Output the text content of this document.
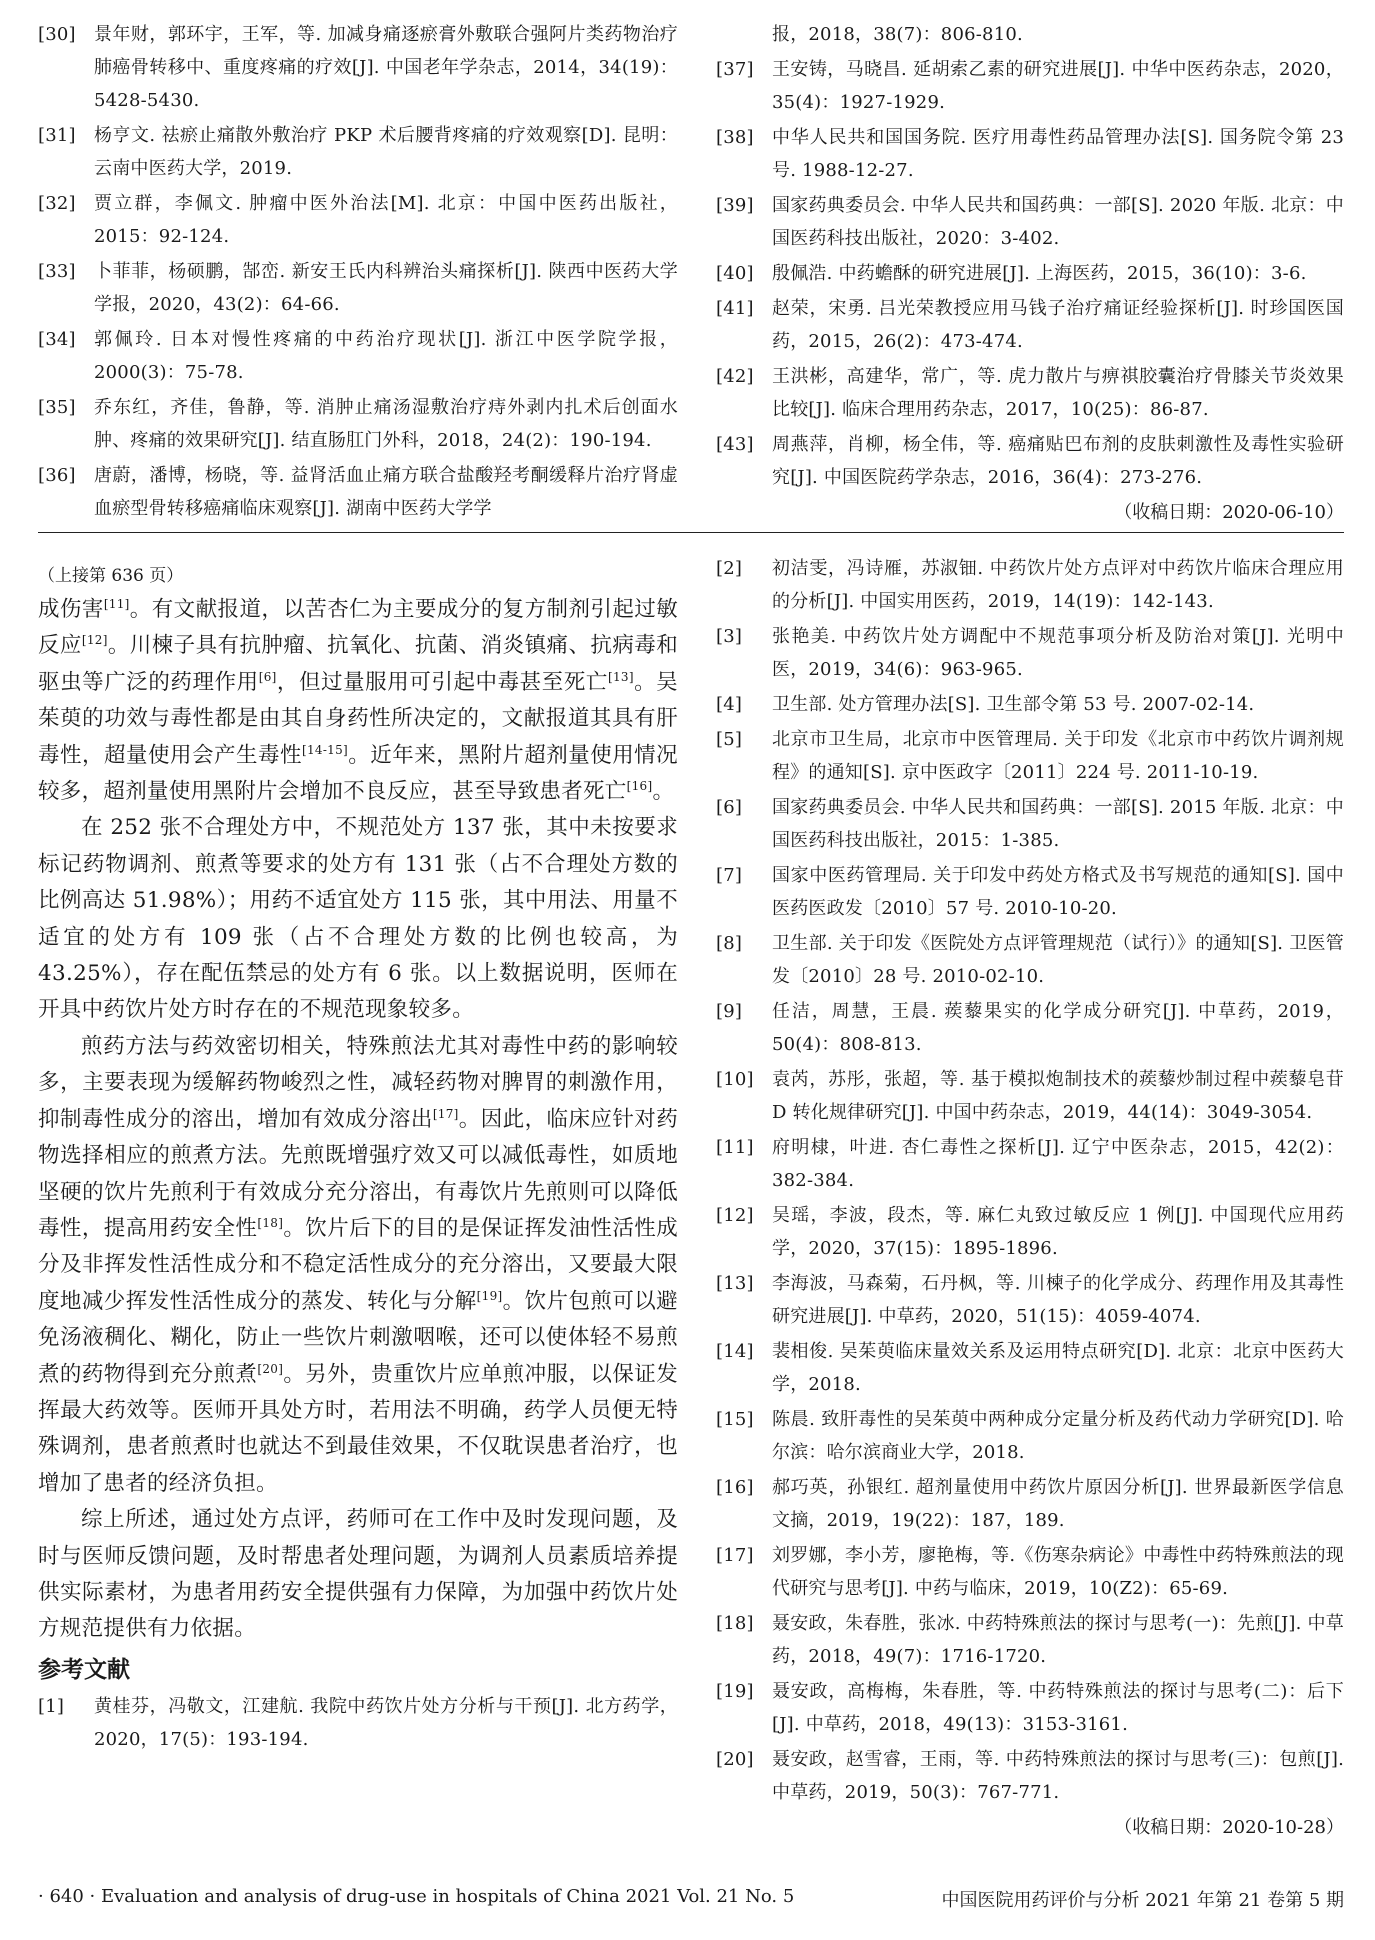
[30]	景年财，郭环宇，王军，等. 加减身痛逐瘀膏外敷联合强阿片类药物治疗肺癌骨转移中、重度疼痛的疗效[J]. 中国老年学杂志，2014，34(19)：5428-5430.
[31]	杨亨文. 祛瘀止痛散外敷治疗 PKP 术后腰背疼痛的疗效观察[D]. 昆明：云南中医药大学，2019.
[32]	贾立群，李佩文. 肿瘤中医外治法[M]. 北京：中国中医药出版社，2015：92-124.
[33]	卜菲菲，杨硕鹏，郜峦. 新安王氏内科辨治头痛探析[J]. 陕西中医药大学学报，2020，43(2)：64-66.
[34]	郭佩玲. 日本对慢性疼痛的中药治疗现状[J]. 浙江中医学院学报，2000(3)：75-78.
[35]	乔东红，齐佳，鲁静，等. 消肿止痛汤湿敷治疗痔外剥内扎术后创面水肿、疼痛的效果研究[J]. 结直肠肛门外科，2018，24(2)：190-194.
[36]	唐蔚，潘博，杨晓，等. 益肾活血止痛方联合盐酸羟考酮缓释片治疗肾虚血瘀型骨转移癌痛临床观察[J]. 湖南中医药大学学
报，2018，38(7)：806-810.
[37]	王安铸，马晓昌. 延胡索乙素的研究进展[J]. 中华中医药杂志，2020，35(4)：1927-1929.
[38]	中华人民共和国国务院. 医疗用毒性药品管理办法[S]. 国务院令第 23 号. 1988-12-27.
[39]	国家药典委员会. 中华人民共和国药典：一部[S]. 2020 年版. 北京：中国医药科技出版社，2020：3-402.
[40]	殷佩浩. 中药蟾酥的研究进展[J]. 上海医药，2015，36(10)：3-6.
[41]	赵荣，宋勇. 吕光荣教授应用马钱子治疗痛证经验探析[J]. 时珍国医国药，2015，26(2)：473-474.
[42]	王洪彬，高建华，常广，等. 虎力散片与痹祺胶囊治疗骨膝关节炎效果比较[J]. 临床合理用药杂志，2017，10(25)：86-87.
[43]	周燕萍，肖柳，杨全伟，等. 癌痛贴巴布剂的皮肤刺激性及毒性实验研究[J]. 中国医院药学杂志，2016，36(4)：273-276.
（收稿日期：2020-06-10）
（上接第 636 页）

成伤害[11]。有文献报道，以苦杏仁为主要成分的复方制剂引起过敏反应[12]。川楝子具有抗肿瘤、抗氧化、抗菌、消炎镇痛、抗病毒和驱虫等广泛的药理作用[6]，但过量服用可引起中毒甚至死亡[13]。吴茱萸的功效与毒性都是由其自身药性所决定的，文献报道其具有肝毒性，超量使用会产生毒性[14-15]。近年来，黑附片超剂量使用情况较多，超剂量使用黑附片会增加不良反应，甚至导致患者死亡[16]。

在 252 张不合理处方中，不规范处方 137 张，其中未按要求标记药物调剂、煎煮等要求的处方有 131 张（占不合理处方数的比例高达 51.98%）；用药不适宜处方 115 张，其中用法、用量不适宜的处方有 109 张（占不合理处方数的比例也较高，为 43.25%），存在配伍禁忌的处方有 6 张。以上数据说明，医师在开具中药饮片处方时存在的不规范现象较多。

煎药方法与药效密切相关，特殊煎法尤其对毒性中药的影响较多，主要表现为缓解药物峻烈之性，减轻药物对脾胃的刺激作用，抑制毒性成分的溶出，增加有效成分溶出[17]。因此，临床应针对药物选择相应的煎煮方法。先煎既增强疗效又可以减低毒性，如质地坚硬的饮片先煎利于有效成分充分溶出，有毒饮片先煎则可以降低毒性，提高用药安全性[18]。饮片后下的目的是保证挥发油性活性成分及非挥发性活性成分和不稳定活性成分的充分溶出，又要最大限度地减少挥发性活性成分的蒸发、转化与分解[19]。饮片包煎可以避免汤液稠化、糊化，防止一些饮片刺激咽喉，还可以使体轻不易煎煮的药物得到充分煎煮[20]。另外，贵重饮片应单煎冲服，以保证发挥最大药效等。医师开具处方时，若用法不明确，药学人员便无特殊调剂，患者煎煮时也就达不到最佳效果，不仅耽误患者治疗，也增加了患者的经济负担。

综上所述，通过处方点评，药师可在工作中及时发现问题，及时与医师反馈问题，及时帮患者处理问题，为调剂人员素质培养提供实际素材，为患者用药安全提供强有力保障，为加强中药饮片处方规范提供有力依据。

参考文献
[1]	黄桂芬，冯敬文，江建航. 我院中药饮片处方分析与干预[J]. 北方药学，2020，17(5)：193-194.
[2]	初洁雯，冯诗雁，苏淑钿. 中药饮片处方点评对中药饮片临床合理应用的分析[J]. 中国实用医药，2019，14(19)：142-143.
[3]	张艳美. 中药饮片处方调配中不规范事项分析及防治对策[J]. 光明中医，2019，34(6)：963-965.
[4]	卫生部. 处方管理办法[S]. 卫生部令第 53 号. 2007-02-14.
[5]	北京市卫生局，北京市中医管理局. 关于印发《北京市中药饮片调剂规程》的通知[S]. 京中医政字〔2011〕224 号. 2011-10-19.
[6]	国家药典委员会. 中华人民共和国药典：一部[S]. 2015 年版. 北京：中国医药科技出版社，2015：1-385.
[7]	国家中医药管理局. 关于印发中药处方格式及书写规范的通知[S]. 国中医药医政发〔2010〕57 号. 2010-10-20.
[8]	卫生部. 关于印发《医院处方点评管理规范（试行）》的通知[S]. 卫医管发〔2010〕28 号. 2010-02-10.
[9]	任洁，周慧，王晨. 蒺藜果实的化学成分研究[J]. 中草药，2019，50(4)：808-813.
[10]	袁芮，苏彤，张超，等. 基于模拟炮制技术的蒺藜炒制过程中蒺藜皂苷 D 转化规律研究[J]. 中国中药杂志，2019，44(14)：3049-3054.
[11]	府明棣，叶进. 杏仁毒性之探析[J]. 辽宁中医杂志，2015，42(2)：382-384.
[12]	吴瑶，李波，段杰，等. 麻仁丸致过敏反应 1 例[J]. 中国现代应用药学，2020，37(15)：1895-1896.
[13]	李海波，马森菊，石丹枫，等. 川楝子的化学成分、药理作用及其毒性研究进展[J]. 中草药，2020，51(15)：4059-4074.
[14]	裴相俊. 吴茱萸临床量效关系及运用特点研究[D]. 北京：北京中医药大学，2018.
[15]	陈晨. 致肝毒性的吴茱萸中两种成分定量分析及药代动力学研究[D]. 哈尔滨：哈尔滨商业大学，2018.
[16]	郝巧英，孙银红. 超剂量使用中药饮片原因分析[J]. 世界最新医学信息文摘，2019，19(22)：187，189.
[17]	刘罗娜，李小芳，廖艳梅，等.《伤寒杂病论》中毒性中药特殊煎法的现代研究与思考[J]. 中药与临床，2019，10(Z2)：65-69.
[18]	聂安政，朱春胜，张冰. 中药特殊煎法的探讨与思考(一)：先煎[J]. 中草药，2018，49(7)：1716-1720.
[19]	聂安政，高梅梅，朱春胜，等. 中药特殊煎法的探讨与思考(二)：后下[J]. 中草药，2018，49(13)：3153-3161.
[20]	聂安政，赵雪睿，王雨，等. 中药特殊煎法的探讨与思考(三)：包煎[J]. 中草药，2019，50(3)：767-771.
（收稿日期：2020-10-28）
· 640 · Evaluation and analysis of drug-use in hospitals of China 2021 Vol. 21 No. 5	中国医院用药评价与分析 2021 年第 21 卷第 5 期
